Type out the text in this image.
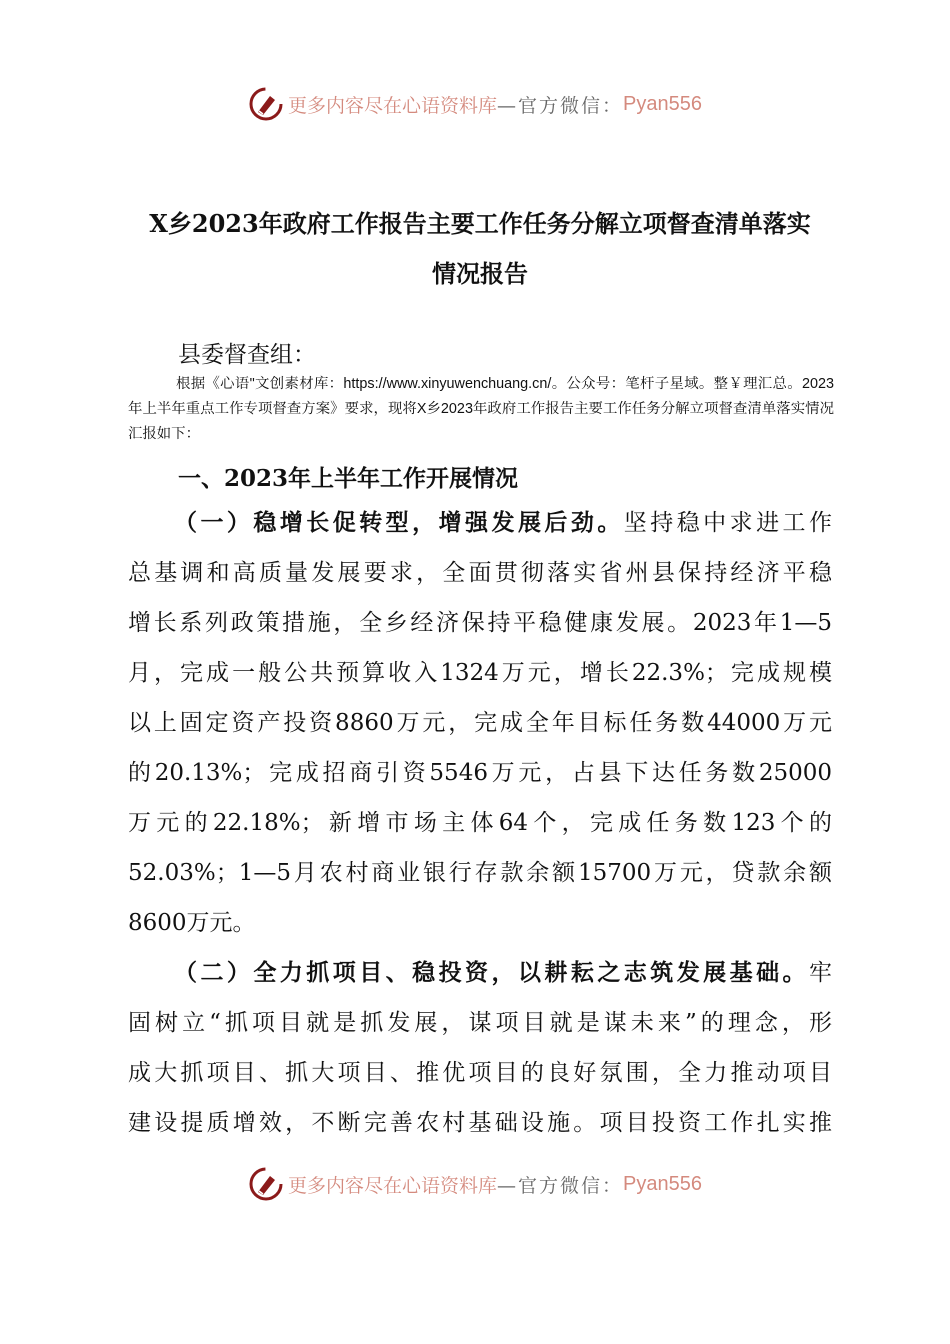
更多内容尽在心语资料库 —官方微信： Pyan556
X乡2023年政府工作报告主要工作任务分解立项督查清单落实
情况报告
县委督查组：
根据《心语"文创素材库：https://www.xinyuwenchuang.cn/。公众号：笔杆子星域。整￥理汇总。2023年上半年重点工作专项督查方案》要求，现将X乡2023年政府工作报告主要工作任务分解立项督查清单落实情况汇报如下：
一、2023年上半年工作开展情况
（一）稳增长促转型，增强发展后劲。坚持稳中求进工作
总基调和高质量发展要求，全面贯彻落实省州县保持经济平稳
增长系列政策措施，全乡经济保持平稳健康发展。2023年1—5
月，完成一般公共预算收入1324万元，增长22.3%；完成规模
以上固定资产投资8860万元，完成全年目标任务数44000万元
的20.13%；完成招商引资5546万元，占县下达任务数25000
万元的22.18%；新增市场主体64个，完成任务数123个的
52.03%；1—5月农村商业银行存款余额15700万元，贷款余额
8600万元。
（二）全力抓项目、稳投资，以耕耘之志筑发展基础。牢
固树立“抓项目就是抓发展，谋项目就是谋未来”的理念，形
成大抓项目、抓大项目、推优项目的良好氛围，全力推动项目
建设提质增效，不断完善农村基础设施。项目投资工作扎实推
更多内容尽在心语资料库 —官方微信： Pyan556
